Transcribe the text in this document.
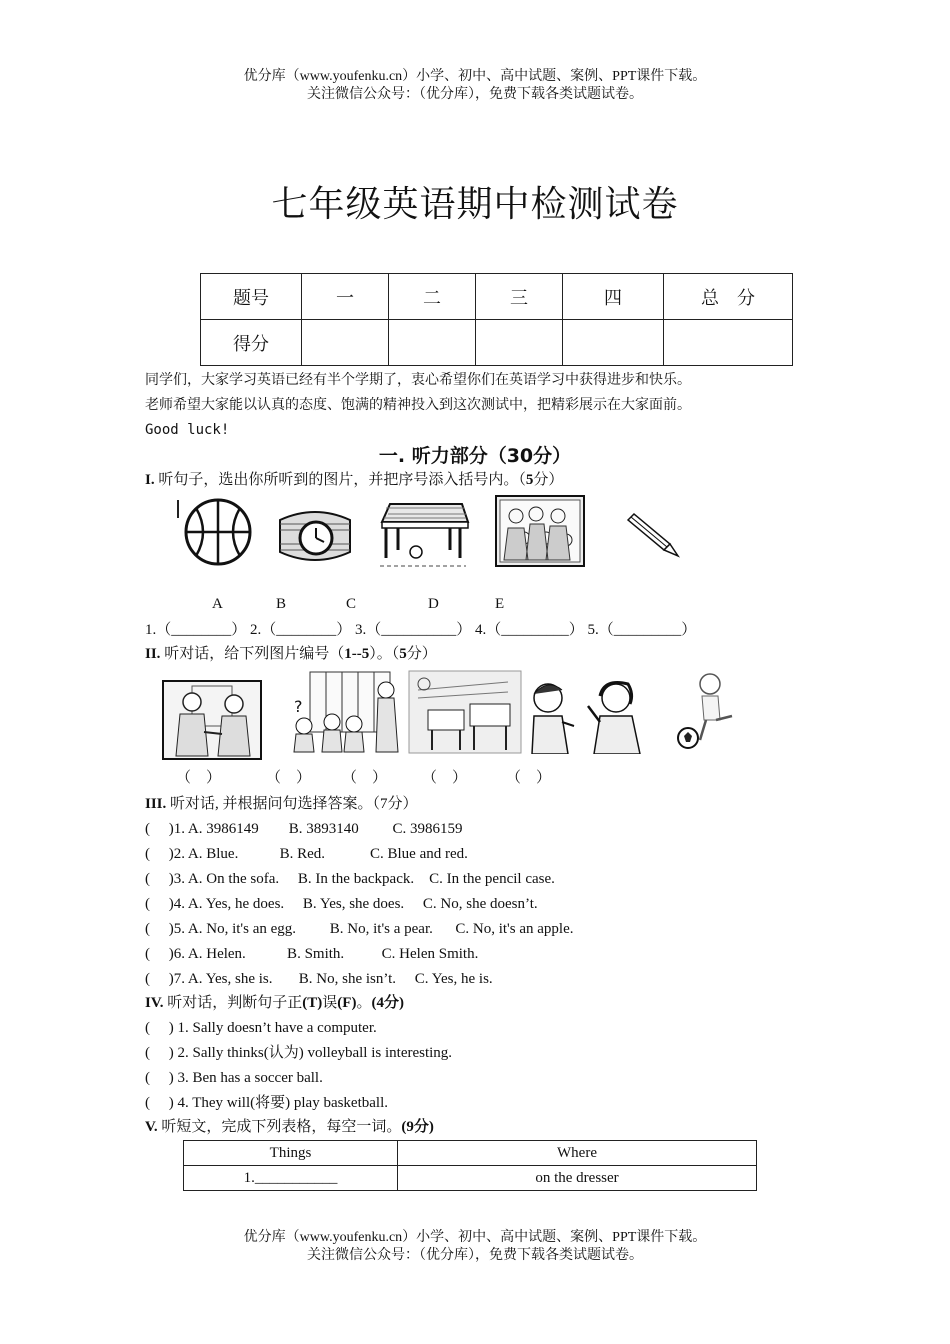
优分库（www.youfenku.cn）小学、初中、高中试题、案例、PPT课件下载。
关注微信公众号：（优分库），免费下载各类试题试卷。
七年级英语期中检测试卷
题号	一	二	三	四	总　分
得分					
同学们，大家学习英语已经有半个学期了，衷心希望你们在英语学习中获得进步和快乐。
老师希望大家能以认真的态度、饱满的精神投入到这次测试中，把精彩展示在大家面前。
Good luck!
一. 听力部分（30分）
I. 听句子，选出你所听到的图片，并把序号添入括号内。（5分）
A	B	C	D	E
1.（________） 2.（________） 3.（__________） 4.（_________） 5.（_________）
II. 听对话，给下列图片编号（1--5）。（5分）
?
（　）	（　） （　） （　）	（　）
III. 听对话, 并根据问句选择答案。（7分）
(     )1. A. 3986149        B. 3893140         C. 3986159
(     )2. A. Blue.           B. Red.            C. Blue and red.
(     )3. A. On the sofa.     B. In the backpack.    C. In the pencil case.
(     )4. A. Yes, he does.     B. Yes, she does.     C. No, she doesn’t.
(     )5. A. No, it's an egg.         B. No, it's a pear.      C. No, it's an apple.
(     )6. A. Helen.           B. Smith.          C. Helen Smith.
(     )7. A. Yes, she is.       B. No, she isn’t.     C. Yes, he is.
IV. 听对话，判断句子正(T)误(F)。(4分)
(     ) 1. Sally doesn’t have a computer.
(     ) 2. Sally thinks(认为) volleyball is interesting.
(     ) 3. Ben has a soccer ball.
(     ) 4. They will(将要) play basketball.
V. 听短文，完成下列表格，每空一词。(9分)
Things	Where
1.___________	on the dresser
优分库（www.youfenku.cn）小学、初中、高中试题、案例、PPT课件下载。
关注微信公众号：（优分库），免费下载各类试题试卷。
